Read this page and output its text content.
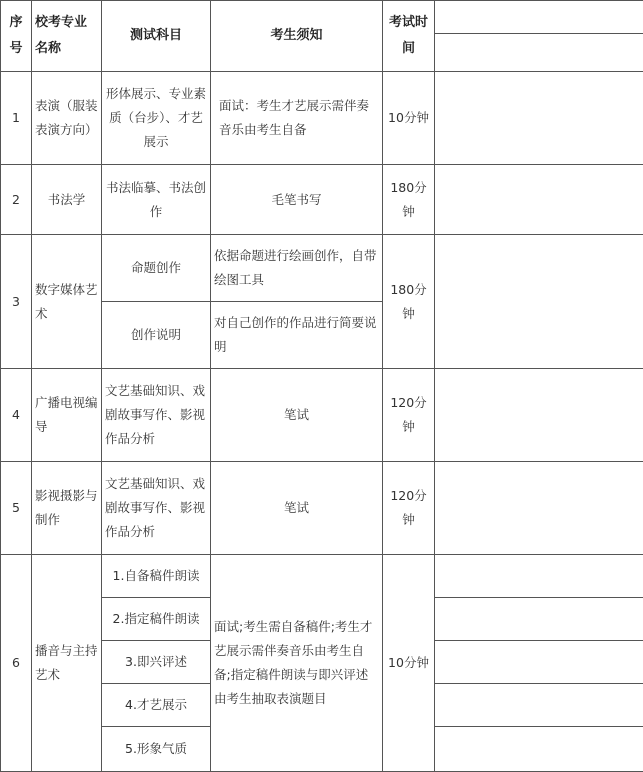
序号	校考专业名称	测试科目	考生须知	考试时间	

1	表演（服装表演方向）	形体展示、专业素质（台步）、才艺展示	面试：考生才艺展示需伴奏音乐由考生自备	10分钟	
2	书法学	书法临摹、书法创作	毛笔书写	180分钟	
3	数字媒体艺术	命题创作	依据命题进行绘画创作，自带绘图工具	180分钟	
		创作说明	对自己创作的作品进行简要说明		
4	广播电视编导	文艺基础知识、戏剧故事写作、影视作品分析	笔试	120分钟	
5	影视摄影与制作	文艺基础知识、戏剧故事写作、影视作品分析	笔试	120分钟	
6	播音与主持艺术	1.自备稿件朗读	面试;考生需自备稿件;考生才艺展示需伴奏音乐由考生自备;指定稿件朗读与即兴评述由考生抽取表演题目	10分钟	
		2.指定稿件朗读			
		3.即兴评述			
		4.才艺展示			
		5.形象气质			
